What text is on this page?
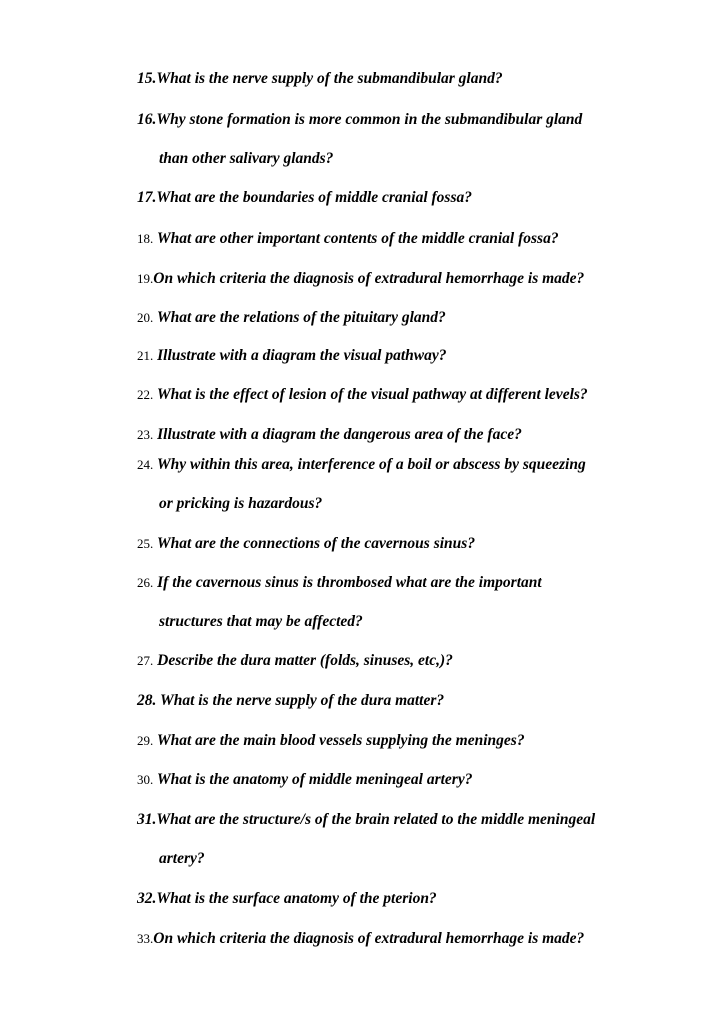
15.What is the nerve supply of the submandibular gland?
16.Why stone formation is more common in the submandibular gland
than other salivary glands?
17.What are the boundaries of middle cranial fossa?
18. What are other important contents of the middle cranial fossa?
19.On which criteria the diagnosis of extradural hemorrhage is made?
20. What are the relations of the pituitary gland?
21. Illustrate with a diagram the visual pathway?
22. What is the effect of lesion of the visual pathway at different levels?
23. Illustrate with a diagram the dangerous area of the face?
24. Why within this area, interference of a boil or abscess by squeezing
or pricking is hazardous?
25. What are the connections of the cavernous sinus?
26. If the cavernous sinus is thrombosed what are the important
structures that may be affected?
27. Describe the dura matter (folds, sinuses, etc,)?
28. What is the nerve supply of the dura matter?
29. What are the main blood vessels supplying the meninges?
30. What is the anatomy of middle meningeal artery?
31.What are the structure/s of the brain related to the middle meningeal
artery?
32.What is the surface anatomy of the pterion?
33.On which criteria the diagnosis of extradural hemorrhage is made?
